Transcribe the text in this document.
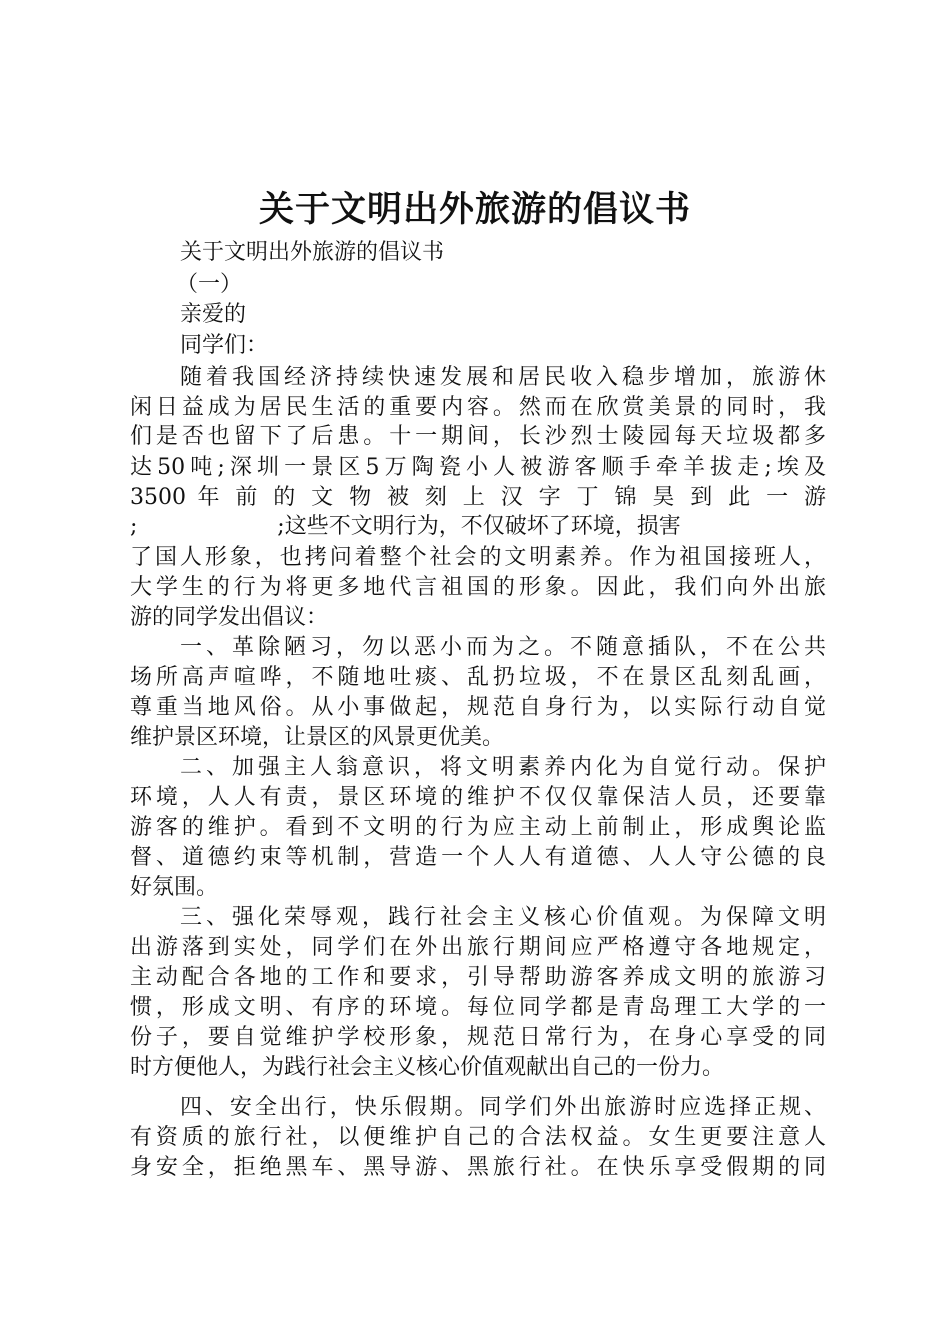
关于文明出外旅游的倡议书
关于文明出外旅游的倡议书
（一）
亲爱的
同学们：
随着我国经济持续快速发展和居民收入稳步增加，旅游休
闲日益成为居民生活的重要内容。然而在欣赏美景的同时，我
们是否也留下了后患。十一期间，长沙烈士陵园每天垃圾都多
达50吨;深圳一景区5万陶瓷小人被游客顺手牵羊拔走;埃及
3500 年 前 的 文 物 被 刻 上 汉 字 丁 锦 昊 到 此 一 游
;                    ;这些不文明行为，不仅破坏了环境，损害
了国人形象，也拷问着整个社会的文明素养。作为祖国接班人，
大学生的行为将更多地代言祖国的形象。因此，我们向外出旅
游的同学发出倡议：
一、革除陋习，勿以恶小而为之。不随意插队，不在公共
场所高声喧哗，不随地吐痰、乱扔垃圾，不在景区乱刻乱画，
尊重当地风俗。从小事做起，规范自身行为，以实际行动自觉
维护景区环境，让景区的风景更优美。
二、加强主人翁意识，将文明素养内化为自觉行动。保护
环境，人人有责，景区环境的维护不仅仅靠保洁人员，还要靠
游客的维护。看到不文明的行为应主动上前制止，形成舆论监
督、道德约束等机制，营造一个人人有道德、人人守公德的良
好氛围。
三、强化荣辱观，践行社会主义核心价值观。为保障文明
出游落到实处，同学们在外出旅行期间应严格遵守各地规定，
主动配合各地的工作和要求，引导帮助游客养成文明的旅游习
惯，形成文明、有序的环境。每位同学都是青岛理工大学的一
份子，要自觉维护学校形象，规范日常行为，在身心享受的同
时方便他人，为践行社会主义核心价值观献出自己的一份力。
四、安全出行，快乐假期。同学们外出旅游时应选择正规、
有资质的旅行社，以便维护自己的合法权益。女生更要注意人
身安全，拒绝黑车、黑导游、黑旅行社。在快乐享受假期的同
